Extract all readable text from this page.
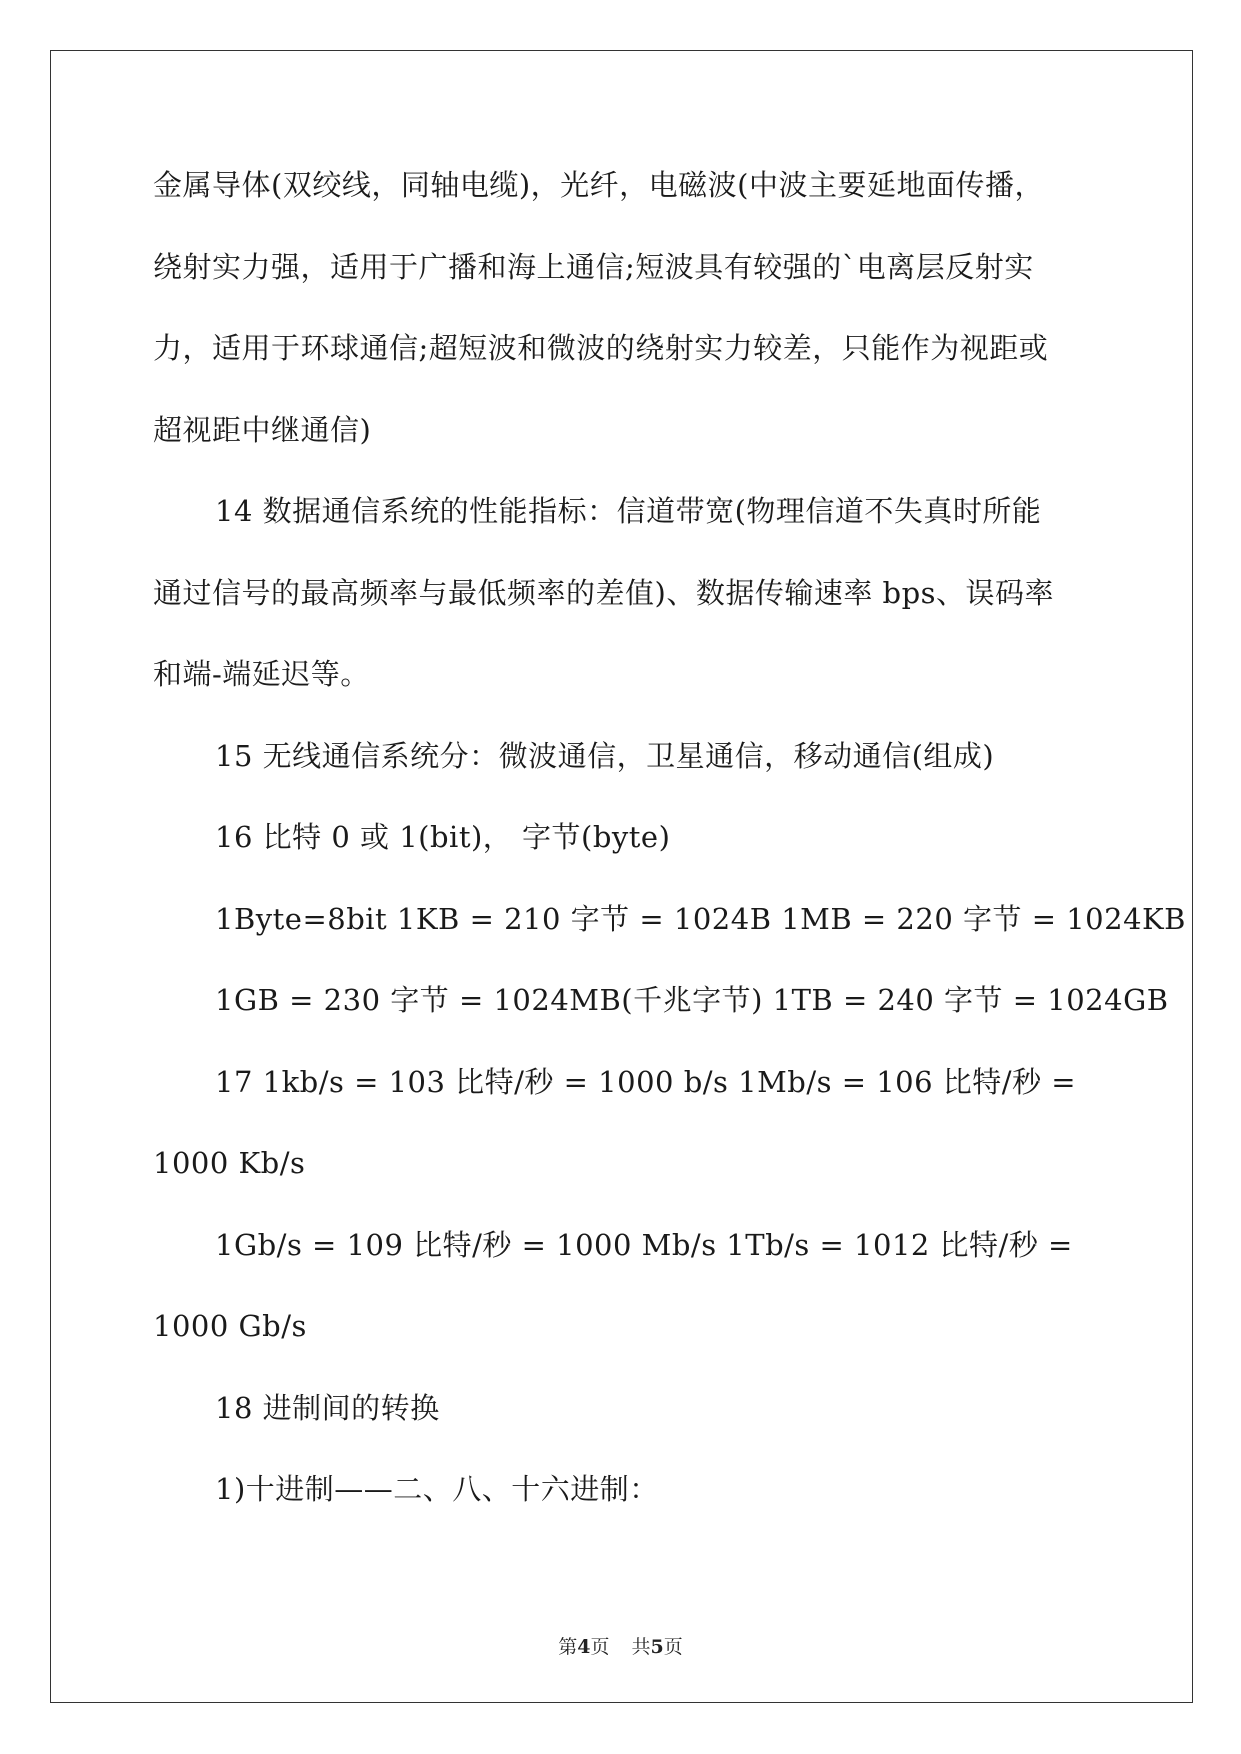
金属导体(双绞线，同轴电缆)，光纤，电磁波(中波主要延地面传播，
绕射实力强，适用于广播和海上通信;短波具有较强的`电离层反射实
力，适用于环球通信;超短波和微波的绕射实力较差，只能作为视距或
超视距中继通信)
14 数据通信系统的性能指标：信道带宽(物理信道不失真时所能
通过信号的最高频率与最低频率的差值)、数据传输速率 bps、误码率
和端-端延迟等。
15 无线通信系统分：微波通信，卫星通信，移动通信(组成)
16 比特 0 或 1(bit)， 字节(byte)
1Byte=8bit 1KB = 210 字节 = 1024B 1MB = 220 字节 = 1024KB
1GB = 230 字节 = 1024MB(千兆字节) 1TB = 240 字节 = 1024GB
17 1kb/s = 103 比特/秒 = 1000 b/s 1Mb/s = 106 比特/秒 =
1000 Kb/s
1Gb/s = 109 比特/秒 = 1000 Mb/s 1Tb/s = 1012 比特/秒 =
1000 Gb/s
18 进制间的转换
1)十进制——二、八、十六进制：
第4页 共5页
